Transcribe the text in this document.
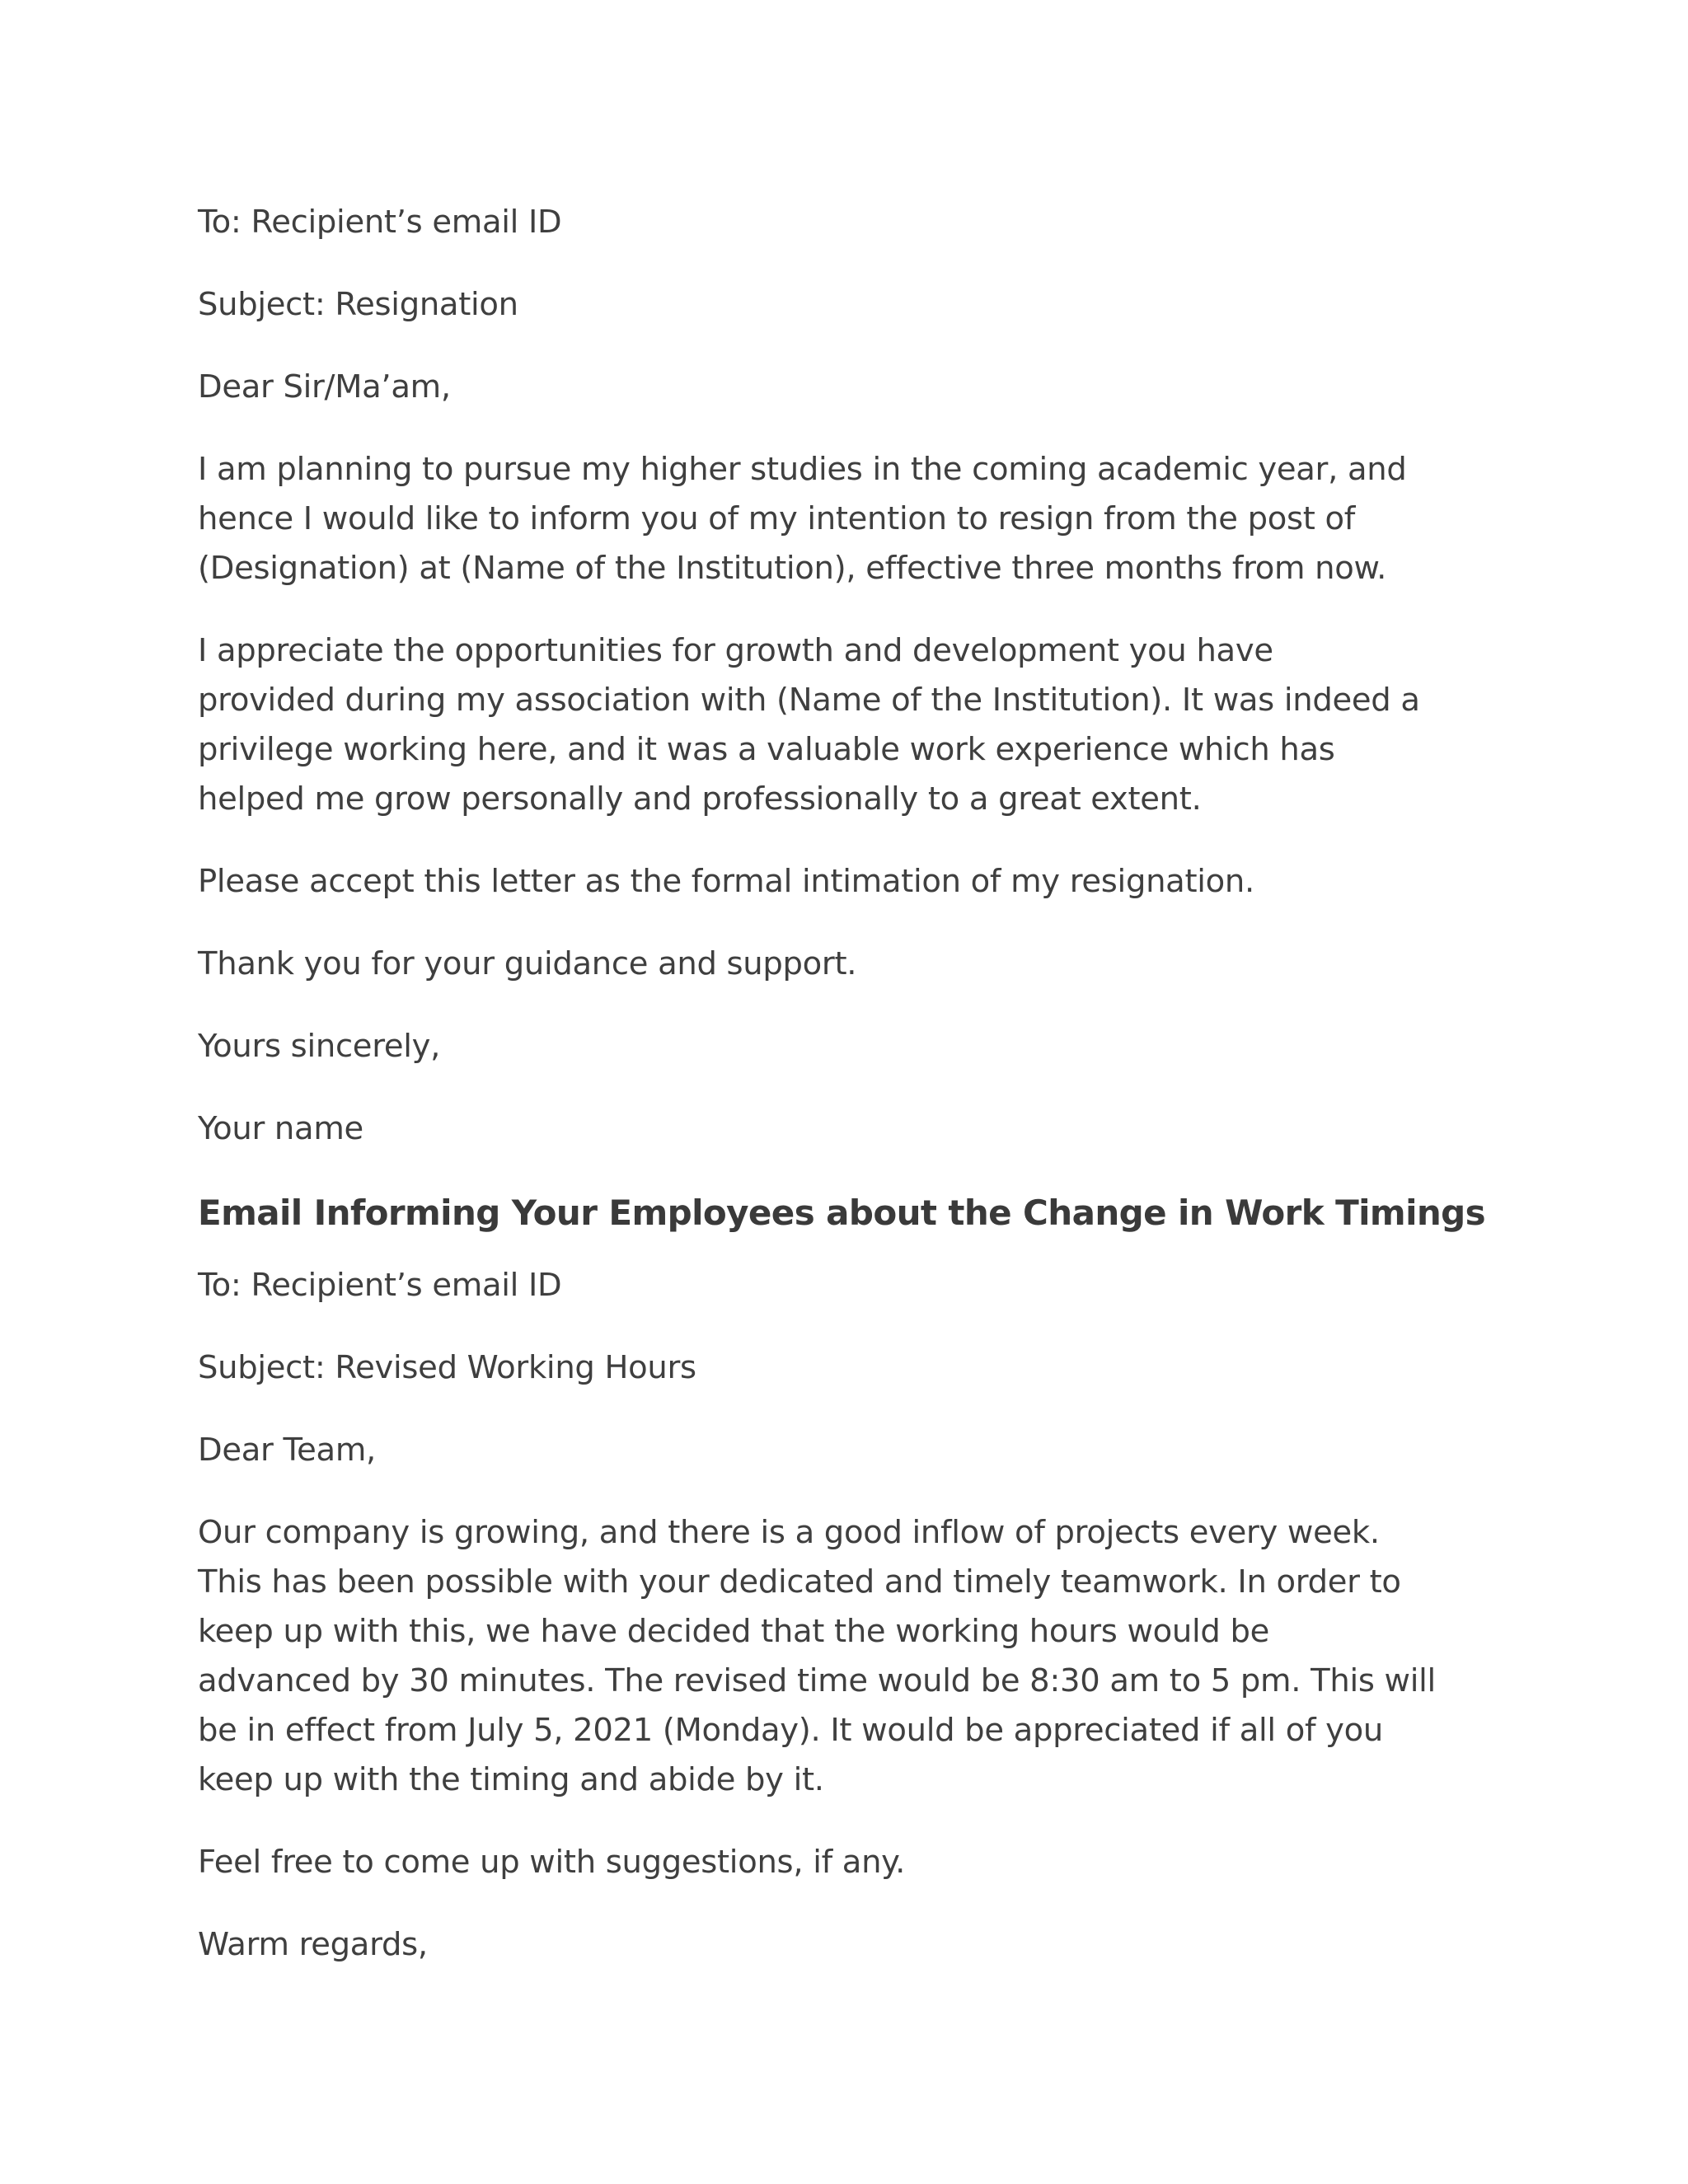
To: Recipient’s email ID

Subject: Resignation

Dear Sir/Ma’am,

I am planning to pursue my higher studies in the coming academic year, and
hence I would like to inform you of my intention to resign from the post of
(Designation) at (Name of the Institution), effective three months from now.

I appreciate the opportunities for growth and development you have
provided during my association with (Name of the Institution). It was indeed a
privilege working here, and it was a valuable work experience which has
helped me grow personally and professionally to a great extent.

Please accept this letter as the formal intimation of my resignation.

Thank you for your guidance and support.

Yours sincerely,

Your name

Email Informing Your Employees about the Change in Work Timings

To: Recipient’s email ID

Subject: Revised Working Hours

Dear Team,

Our company is growing, and there is a good inflow of projects every week.
This has been possible with your dedicated and timely teamwork. In order to
keep up with this, we have decided that the working hours would be
advanced by 30 minutes. The revised time would be 8:30 am to 5 pm. This will
be in effect from July 5, 2021 (Monday). It would be appreciated if all of you
keep up with the timing and abide by it.

Feel free to come up with suggestions, if any.

Warm regards,
